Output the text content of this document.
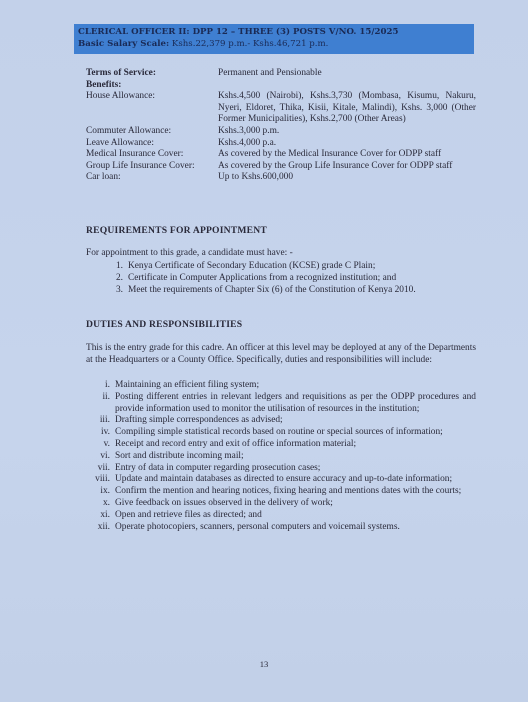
CLERICAL OFFICER II: DPP 12 – THREE (3) POSTS V/NO. 15/2025
Basic Salary Scale: Kshs.22,379 p.m.- Kshs.46,721 p.m.
Terms of Service:	Permanent and Pensionable
Benefits:
House Allowance:	Kshs.4,500 (Nairobi), Kshs.3,730 (Mombasa, Kisumu, Nakuru, Nyeri, Eldoret, Thika, Kisii, Kitale, Malindi), Kshs. 3,000 (Other Former Municipalities), Kshs.2,700 (Other Areas)
Commuter Allowance:	Kshs.3,000 p.m.
Leave Allowance:	Kshs.4,000 p.a.
Medical Insurance Cover:	As covered by the Medical Insurance Cover for ODPP staff
Group Life Insurance Cover:	As covered by the Group Life Insurance Cover for ODPP staff
Car loan:	Up to Kshs.600,000
REQUIREMENTS FOR APPOINTMENT
For appointment to this grade, a candidate must have: -
1. Kenya Certificate of Secondary Education (KCSE) grade C Plain;
2. Certificate in Computer Applications from a recognized institution; and
3. Meet the requirements of Chapter Six (6) of the Constitution of Kenya 2010.
DUTIES AND RESPONSIBILITIES
This is the entry grade for this cadre. An officer at this level may be deployed at any of the Departments at the Headquarters or a County Office. Specifically, duties and responsibilities will include:
i. Maintaining an efficient filing system;
ii. Posting different entries in relevant ledgers and requisitions as per the ODPP procedures and provide information used to monitor the utilisation of resources in the institution;
iii. Drafting simple correspondences as advised;
iv. Compiling simple statistical records based on routine or special sources of information;
v. Receipt and record entry and exit of office information material;
vi. Sort and distribute incoming mail;
vii. Entry of data in computer regarding prosecution cases;
viii. Update and maintain databases as directed to ensure accuracy and up-to-date information;
ix. Confirm the mention and hearing notices, fixing hearing and mentions dates with the courts;
x. Give feedback on issues observed in the delivery of work;
xi. Open and retrieve files as directed; and
xii. Operate photocopiers, scanners, personal computers and voicemail systems.
13
